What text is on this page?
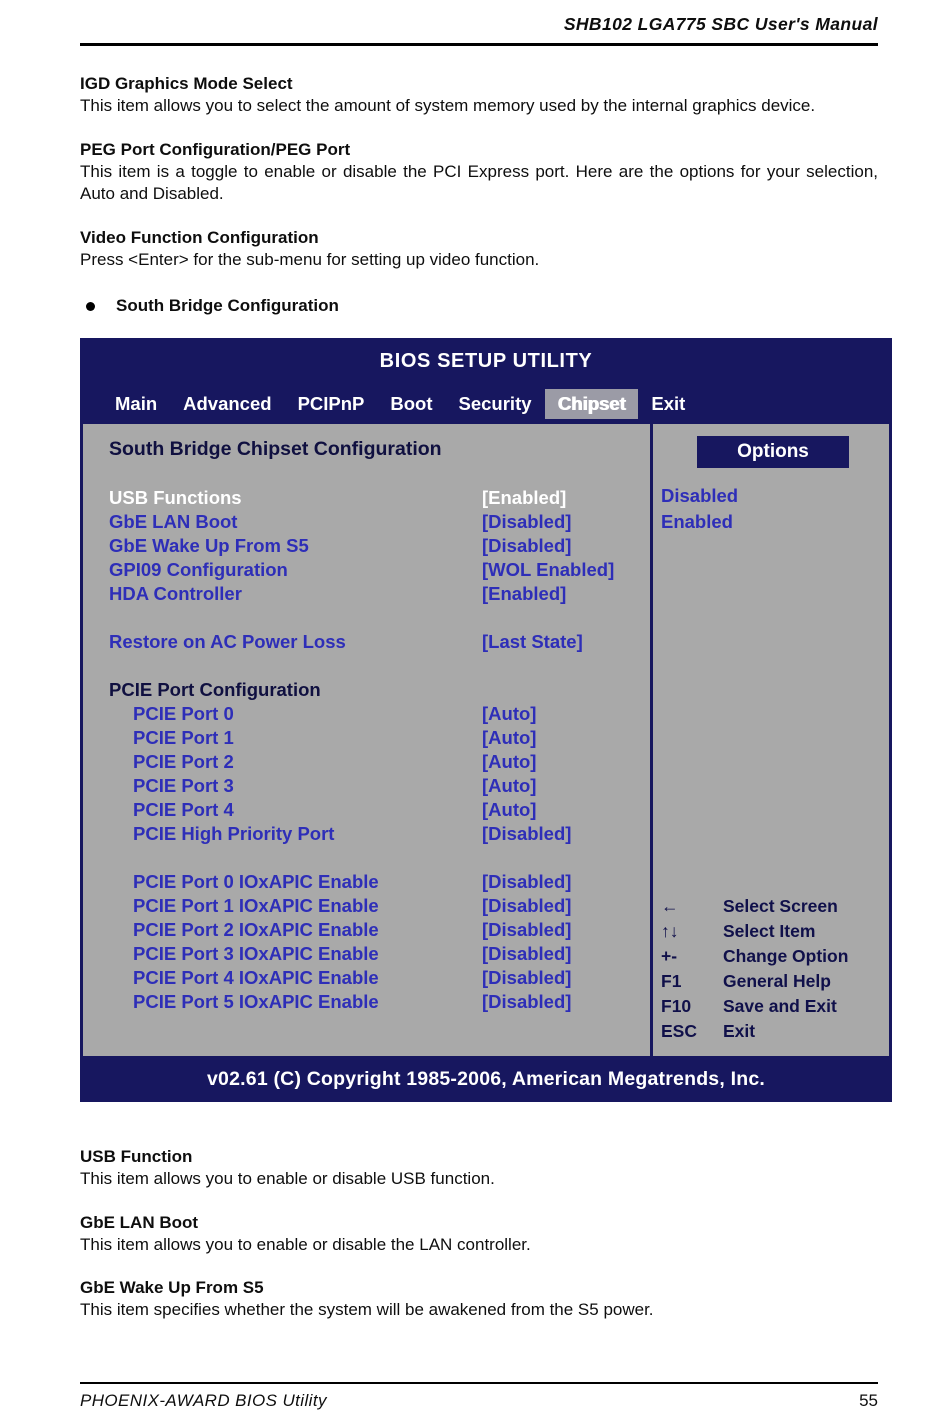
SHB102 LGA775 SBC User's Manual
IGD Graphics Mode Select
This item allows you to select the amount of system memory used by the internal graphics device.
PEG Port Configuration/PEG Port
This item is a toggle to enable or disable the PCI Express port. Here are the options for your selection, Auto and Disabled.
Video Function Configuration
Press <Enter> for the sub-menu for setting up video function.
South Bridge Configuration
BIOS SETUP UTILITY
Main	Advanced	PCIPnP	Boot	Security	Chipset	Exit
South Bridge Chipset Configuration
USB Functions	[Enabled]
GbE LAN Boot	[Disabled]
GbE Wake Up From S5	[Disabled]
GPI09 Configuration	[WOL Enabled]
HDA Controller	[Enabled]
Restore on AC Power Loss	[Last State]
PCIE Port Configuration
PCIE Port 0	[Auto]
PCIE Port 1	[Auto]
PCIE Port 2	[Auto]
PCIE Port 3	[Auto]
PCIE Port 4	[Auto]
PCIE High Priority Port	[Disabled]
PCIE Port 0 IOxAPIC Enable	[Disabled]
PCIE Port 1 IOxAPIC Enable	[Disabled]
PCIE Port 2 IOxAPIC Enable	[Disabled]
PCIE Port 3 IOxAPIC Enable	[Disabled]
PCIE Port 4 IOxAPIC Enable	[Disabled]
PCIE Port 5 IOxAPIC Enable	[Disabled]
Options
Disabled
Enabled
←	Select Screen
↑↓	Select Item
+-	Change Option
F1	General Help
F10	Save and Exit
ESC	Exit
v02.61 (C) Copyright 1985-2006, American Megatrends, Inc.
USB Function
This item allows you to enable or disable USB function.
GbE LAN Boot
This item allows you to enable or disable the LAN controller.
GbE Wake Up From S5
This item specifies whether the system will be awakened from the S5 power.
PHOENIX-AWARD BIOS Utility	55
